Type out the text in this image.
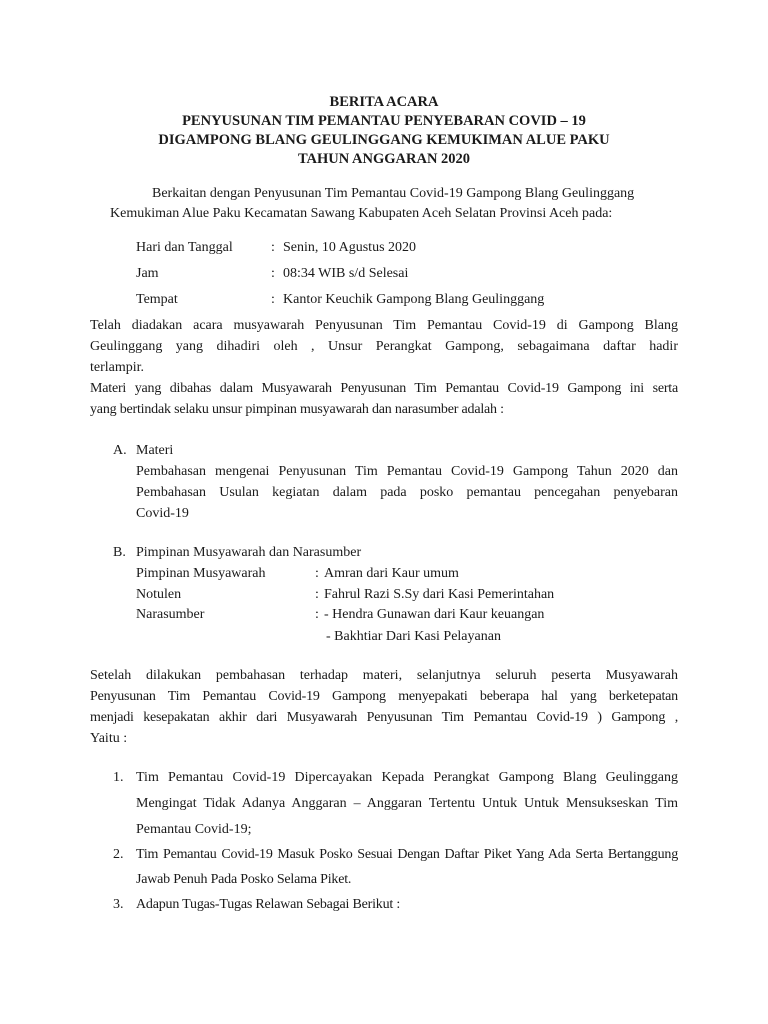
BERITA ACARA
PENYUSUNAN TIM PEMANTAU PENYEBARAN COVID – 19
DIGAMPONG BLANG GEULINGGANG KEMUKIMAN ALUE PAKU
TAHUN ANGGARAN 2020
Berkaitan dengan Penyusunan Tim Pemantau Covid-19 Gampong Blang Geulinggang
Kemukiman Alue Paku Kecamatan Sawang Kabupaten Aceh Selatan Provinsi Aceh pada:
Hari dan Tanggal	: Senin, 10 Agustus 2020
Jam	: 08:34 WIB s/d Selesai
Tempat	: Kantor Keuchik Gampong Blang Geulinggang
Telah diadakan acara musyawarah Penyusunan Tim Pemantau Covid-19 di Gampong Blang
Geulinggang yang dihadiri oleh , Unsur Perangkat Gampong, sebagaimana daftar hadir
terlampir.
Materi yang dibahas dalam Musyawarah Penyusunan Tim Pemantau Covid-19 Gampong ini serta
yang bertindak selaku unsur pimpinan musyawarah dan narasumber adalah :
A. Materi
Pembahasan mengenai Penyusunan Tim Pemantau Covid-19 Gampong Tahun 2020 dan
Pembahasan Usulan kegiatan dalam pada posko pemantau pencegahan penyebaran
Covid-19
B. Pimpinan Musyawarah dan Narasumber
Pimpinan Musyawarah	: Amran dari Kaur umum
Notulen	: Fahrul Razi S.Sy dari Kasi Pemerintahan
Narasumber	: - Hendra Gunawan dari Kaur keuangan
- Bakhtiar Dari Kasi Pelayanan
Setelah dilakukan pembahasan terhadap materi, selanjutnya seluruh peserta Musyawarah
Penyusunan Tim Pemantau Covid-19 Gampong menyepakati beberapa hal yang berketepatan
menjadi kesepakatan akhir dari Musyawarah Penyusunan Tim Pemantau Covid-19 ) Gampong ,
Yaitu :
1. Tim Pemantau Covid-19 Dipercayakan Kepada Perangkat Gampong Blang Geulinggang
Mengingat Tidak Adanya Anggaran – Anggaran Tertentu Untuk Untuk Mensukseskan Tim
Pemantau Covid-19;
2. Tim Pemantau Covid-19 Masuk Posko Sesuai Dengan Daftar Piket Yang Ada Serta Bertanggung
Jawab Penuh Pada Posko Selama Piket.
3. Adapun Tugas-Tugas Relawan Sebagai Berikut :
